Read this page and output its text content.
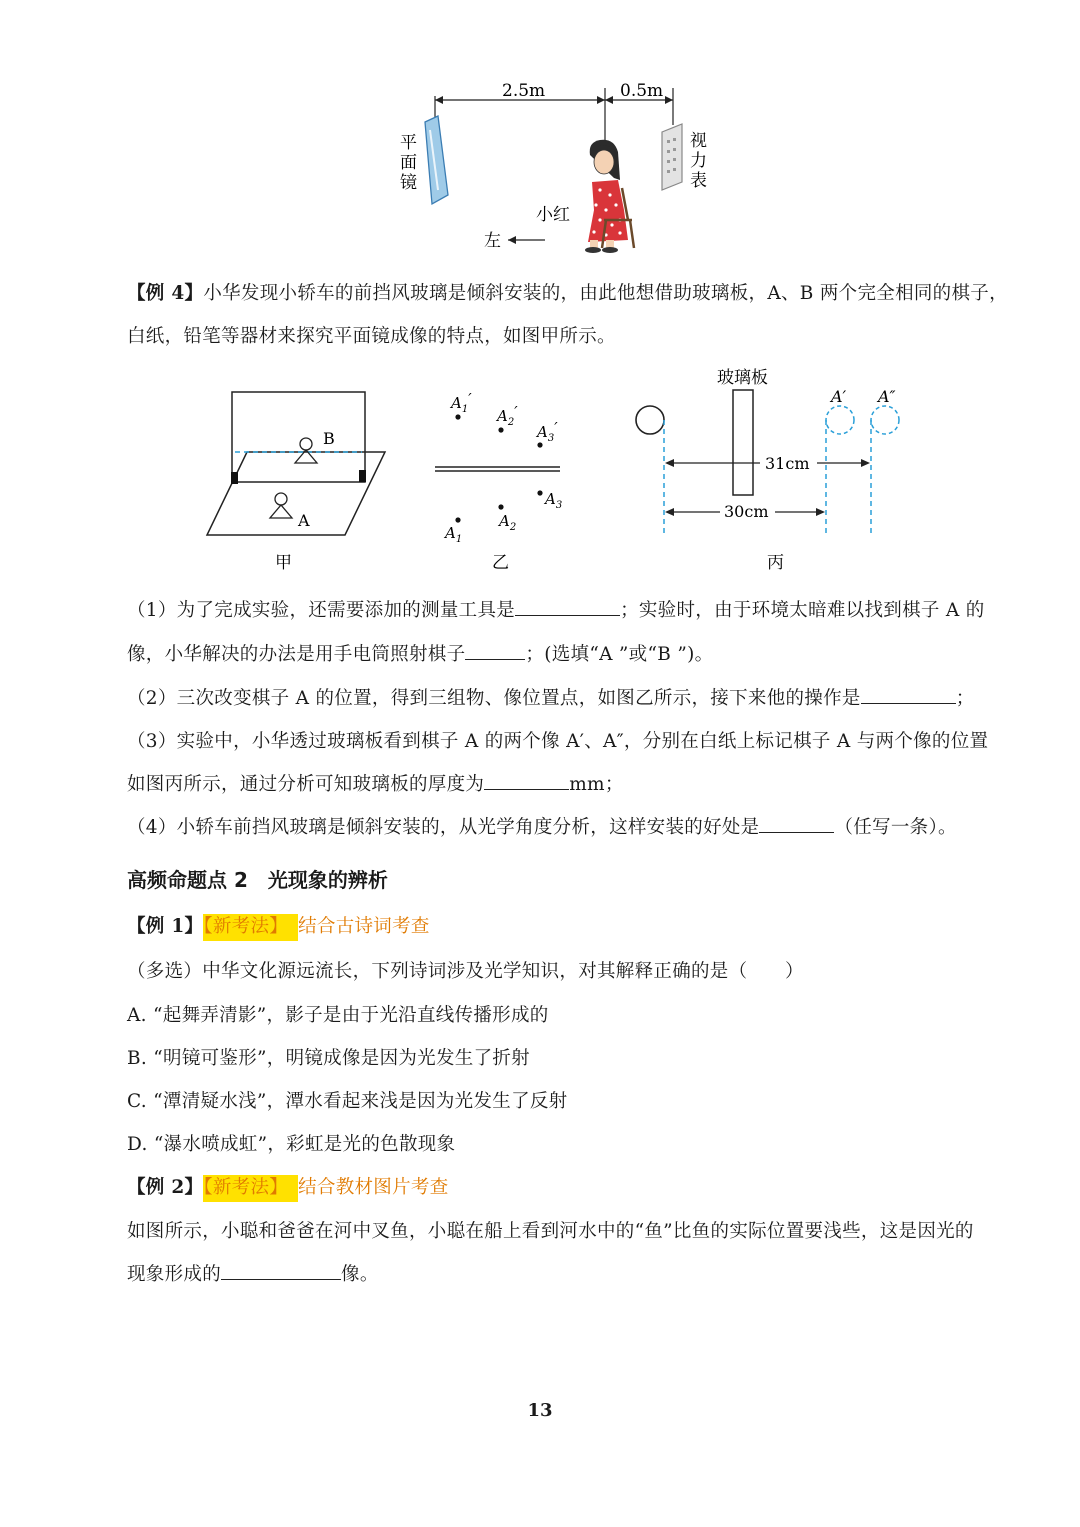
2.5m	0.5m
平
面
镜
视
力
表
小红
左
【例 4】小华发现小轿车的前挡风玻璃是倾斜安装的，由此他想借助玻璃板，A、B 两个完全相同的棋子，
白纸，铅笔等器材来探究平面镜成像的特点，如图甲所示。
B
A
甲
$A_1'$
$A_2'$
$A_3'$
$A_3$
$A_2$
$A_1$
乙
玻璃板
A′ A″
31cm
30cm
丙
（1）为了完成实验，还需要添加的测量工具是	；实验时，由于环境太暗难以找到棋子 A 的
像，小华解决的办法是用手电筒照射棋子	；(选填“A ”或“B ”)。
（2）三次改变棋子 A 的位置，得到三组物、像位置点，如图乙所示，接下来他的操作是	；
（3）实验中，小华透过玻璃板看到棋子 A 的两个像 A′、A″，分别在白纸上标记棋子 A 与两个像的位置
如图丙所示，通过分析可知玻璃板的厚度为	mm；
（4）小轿车前挡风玻璃是倾斜安装的，从光学角度分析，这样安装的好处是	（任写一条）。
高频命题点 2　光现象的辨析
【例 1】【新考法】 结合古诗词考查
（多选）中华文化源远流长，下列诗词涉及光学知识，对其解释正确的是（　　）
A. “起舞弄清影”，影子是由于光沿直线传播形成的
B. “明镜可鉴形”，明镜成像是因为光发生了折射
C. “潭清疑水浅”，潭水看起来浅是因为光发生了反射
D. “瀑水喷成虹”，彩虹是光的色散现象
【例 2】【新考法】 结合教材图片考查
如图所示，小聪和爸爸在河中叉鱼，小聪在船上看到河水中的“鱼”比鱼的实际位置要浅些，这是因光的
现象形成的	像。
13
